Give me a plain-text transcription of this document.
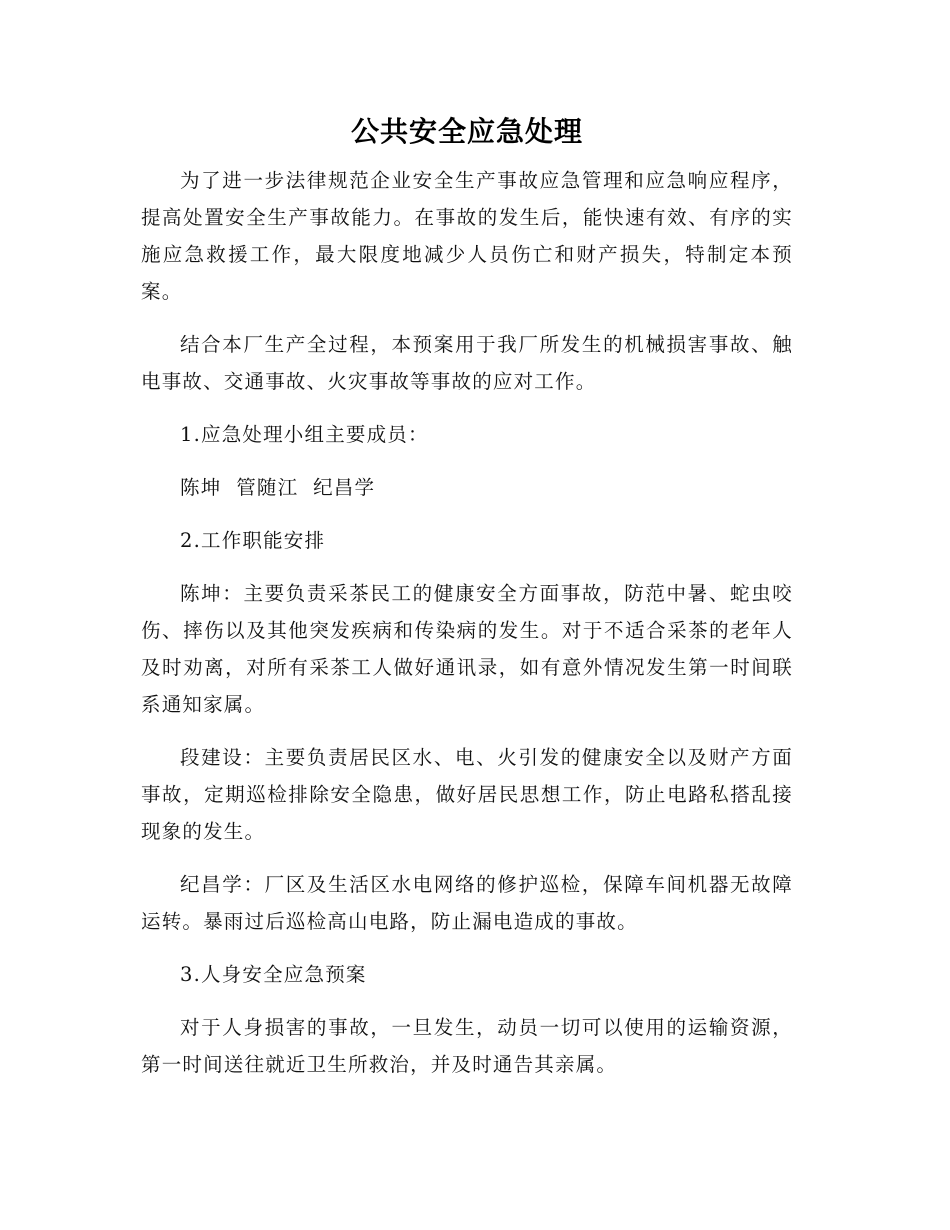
公共安全应急处理

为了进一步法律规范企业安全生产事故应急管理和应急响应程序，提高处置安全生产事故能力。在事故的发生后，能快速有效、有序的实施应急救援工作，最大限度地减少人员伤亡和财产损失，特制定本预案。

结合本厂生产全过程，本预案用于我厂所发生的机械损害事故、触电事故、交通事故、火灾事故等事故的应对工作。

1.应急处理小组主要成员：

陈坤  管随江  纪昌学

2.工作职能安排

陈坤：主要负责采茶民工的健康安全方面事故，防范中暑、蛇虫咬伤、摔伤以及其他突发疾病和传染病的发生。对于不适合采茶的老年人及时劝离，对所有采茶工人做好通讯录，如有意外情况发生第一时间联系通知家属。

段建设：主要负责居民区水、电、火引发的健康安全以及财产方面事故，定期巡检排除安全隐患，做好居民思想工作，防止电路私搭乱接现象的发生。

纪昌学：厂区及生活区水电网络的修护巡检，保障车间机器无故障运转。暴雨过后巡检高山电路，防止漏电造成的事故。

3.人身安全应急预案

对于人身损害的事故，一旦发生，动员一切可以使用的运输资源，第一时间送往就近卫生所救治，并及时通告其亲属。
